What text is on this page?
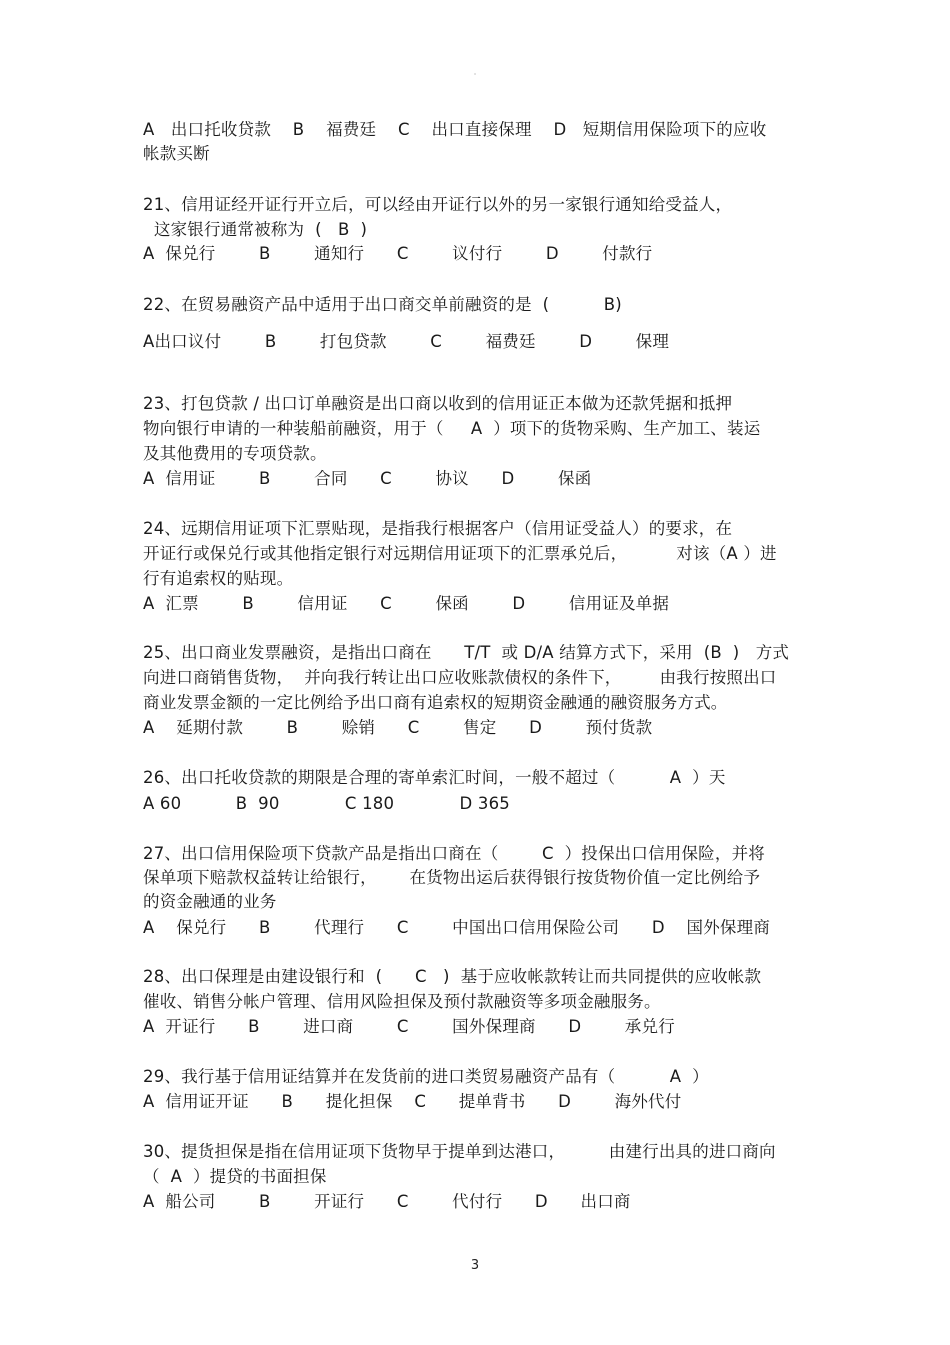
·
A   出口托收贷款    B    福费廷    C    出口直接保理    D   短期信用保险项下的应收
帐款买断
21、信用证经开证行开立后，可以经由开证行以外的另一家银行通知给受益人，
这家银行通常被称为  (   B  )
A  保兑行        B        通知行      C        议付行        D        付款行
22、在贸易融资产品中适用于出口商交单前融资的是  (          B)
A出口议付        B        打包贷款        C        福费廷        D        保理
23、打包贷款 / 出口订单融资是出口商以收到的信用证正本做为还款凭据和抵押
物向银行申请的一种装船前融资，用于（     A  ）项下的货物采购、生产加工、装运
及其他费用的专项贷款。
A  信用证        B        合同      C        协议      D        保函
24、远期信用证项下汇票贴现，是指我行根据客户（信用证受益人）的要求，在
开证行或保兑行或其他指定银行对远期信用证项下的汇票承兑后，         对该（A ）进
行有追索权的贴现。
A  汇票        B        信用证      C        保函        D        信用证及单据
25、出口商业发票融资，是指出口商在      T/T  或 D/A 结算方式下，采用  (B  )   方式
向进口商销售货物，  并向我行转让出口应收账款债权的条件下，       由我行按照出口
商业发票金额的一定比例给予出口商有追索权的短期资金融通的融资服务方式。
A    延期付款        B        赊销      C        售定      D        预付货款
26、出口托收贷款的期限是合理的寄单索汇时间，一般不超过（          A  ）天
A 60          B  90            C 180            D 365
27、出口信用保险项下贷款产品是指出口商在（        C  ）投保出口信用保险，并将
保单项下赔款权益转让给银行，      在货物出运后获得银行按货物价值一定比例给予
的资金融通的业务
A    保兑行      B        代理行      C        中国出口信用保险公司      D    国外保理商
28、出口保理是由建设银行和  (      C   )  基于应收帐款转让而共同提供的应收帐款
催收、销售分帐户管理、信用风险担保及预付款融资等多项金融服务。
A  开证行      B        进口商        C        国外保理商      D        承兑行
29、我行基于信用证结算并在发货前的进口类贸易融资产品有（          A  ）
A  信用证开证      B      提化担保    C      提单背书      D        海外代付
30、提货担保是指在信用证项下货物早于提单到达港口，        由建行出具的进口商向
（  A  ）提贷的书面担保
A  船公司        B        开证行      C        代付行      D      出口商
3
